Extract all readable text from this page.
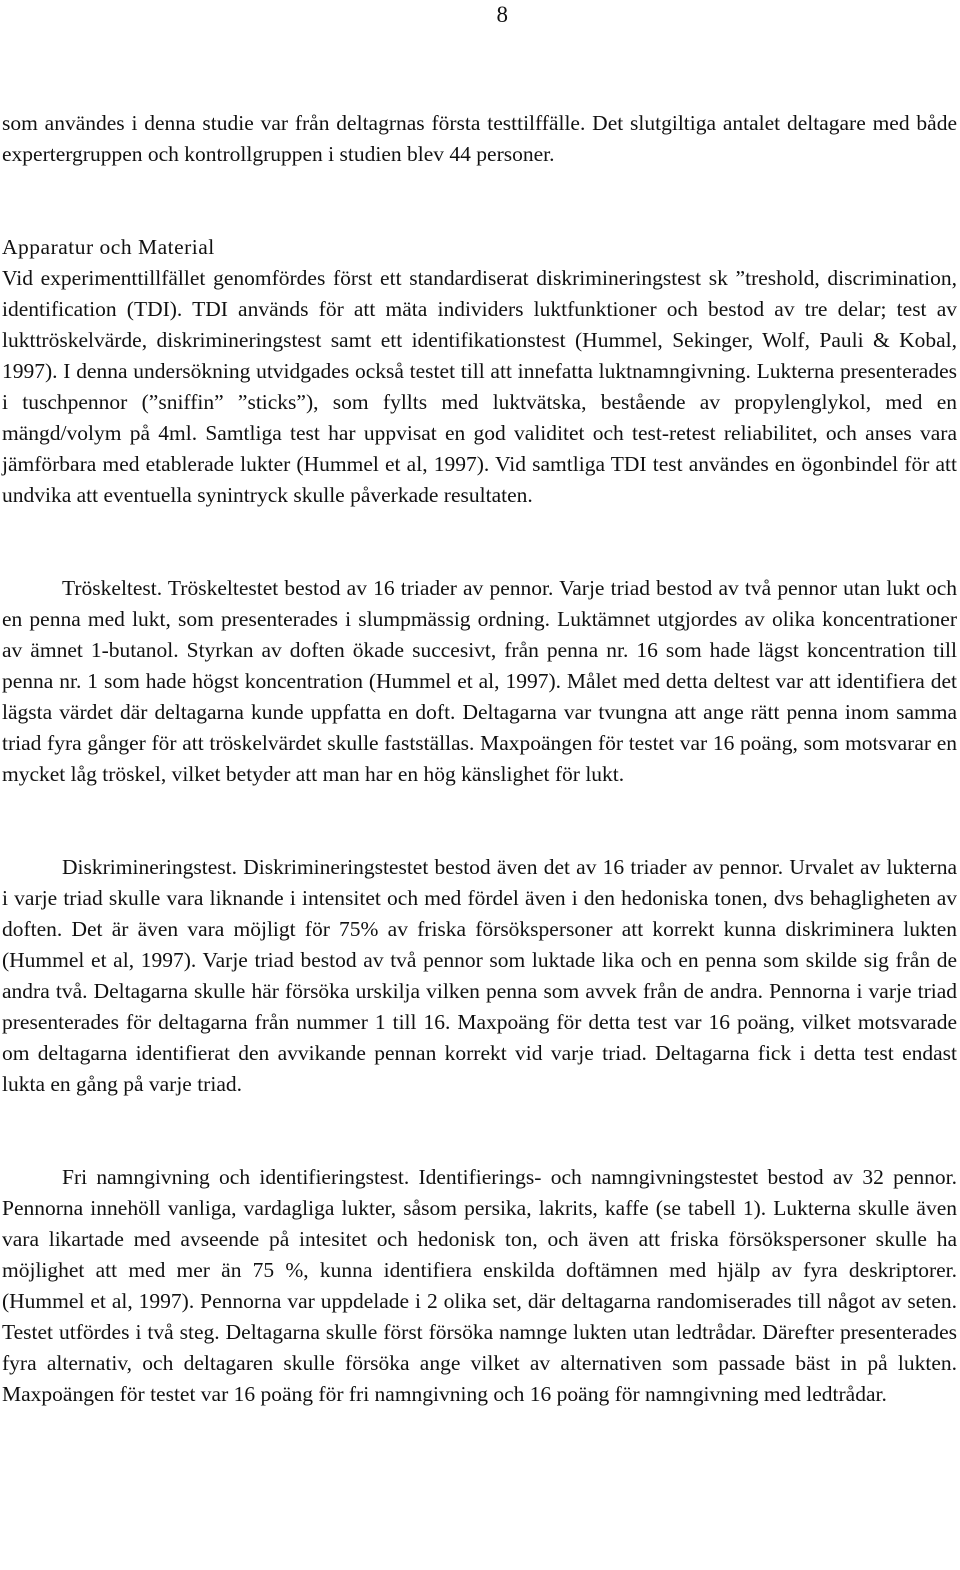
8

som användes i denna studie var från deltagrnas första testtilffälle. Det slutgiltiga antalet deltagare med både expertergruppen och kontrollgruppen i studien blev 44 personer.

Apparatur och Material

Vid experimenttillfället genomfördes först ett standardiserat diskrimineringstest sk ”treshold, discrimination, identification (TDI). TDI används för att mäta individers luktfunktioner och bestod av tre delar; test av lukttröskelvärde, diskrimineringstest samt ett identifikationstest (Hummel, Sekinger, Wolf, Pauli & Kobal, 1997). I denna undersökning utvidgades också testet till att innefatta luktnamngivning. Lukterna presenterades i tuschpennor (”sniffin” ”sticks”), som fyllts med luktvätska, bestående av propylenglykol, med en mängd/volym på 4ml. Samtliga test har uppvisat en god validitet och test-retest reliabilitet, och anses vara jämförbara med etablerade lukter (Hummel et al, 1997). Vid samtliga TDI test användes en ögonbindel för att undvika att eventuella synintryck skulle påverkade resultaten.

Tröskeltest. Tröskeltestet bestod av 16 triader av pennor. Varje triad bestod av två pennor utan lukt och en penna med lukt, som presenterades i slumpmässig ordning. Luktämnet utgjordes av olika koncentrationer av ämnet 1-butanol. Styrkan av doften ökade succesivt, från penna nr. 16 som hade lägst koncentration till penna nr. 1 som hade högst koncentration (Hummel et al, 1997). Målet med detta deltest var att identifiera det lägsta värdet där deltagarna kunde uppfatta en doft. Deltagarna var tvungna att ange rätt penna inom samma triad fyra gånger för att tröskelvärdet skulle fastställas. Maxpoängen för testet var 16 poäng, som motsvarar en mycket låg tröskel, vilket betyder att man har en hög känslighet för lukt.

Diskrimineringstest. Diskrimineringstestet bestod även det av 16 triader av pennor. Urvalet av lukterna i varje triad skulle vara liknande i intensitet och med fördel även i den hedoniska tonen, dvs behagligheten av doften. Det är även vara möjligt för 75% av friska försökspersoner att korrekt kunna diskriminera lukten (Hummel et al, 1997). Varje triad bestod av två pennor som luktade lika och en penna som skilde sig från de andra två. Deltagarna skulle här försöka urskilja vilken penna som avvek från de andra. Pennorna i varje triad presenterades för deltagarna från nummer 1 till 16. Maxpoäng för detta test var 16 poäng, vilket motsvarade om deltagarna identifierat den avvikande pennan korrekt vid varje triad. Deltagarna fick i detta test endast lukta en gång på varje triad.

Fri namngivning och identifieringstest. Identifierings- och namngivningstestet bestod av 32 pennor. Pennorna innehöll vanliga, vardagliga lukter, såsom persika, lakrits, kaffe (se tabell 1). Lukterna skulle även vara likartade med avseende på intesitet och hedonisk ton, och även att friska försökspersoner skulle ha möjlighet att med mer än 75 %, kunna identifiera enskilda doftämnen med hjälp av fyra deskriptorer. (Hummel et al, 1997). Pennorna var uppdelade i 2 olika set, där deltagarna randomiserades till något av seten. Testet utfördes i två steg. Deltagarna skulle först försöka namnge lukten utan ledtrådar. Därefter presenterades fyra alternativ, och deltagaren skulle försöka ange vilket av alternativen som passade bäst in på lukten. Maxpoängen för testet var 16 poäng för fri namngivning och 16 poäng för namngivning med ledtrådar.
